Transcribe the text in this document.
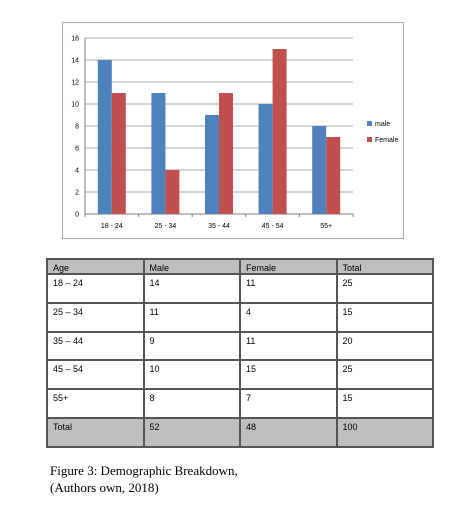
0
2
4
6
8
10
12
14
16
18 - 24	25 - 34	35 - 44	45 - 54	55+
male
Female
Age	Male	Female	Total
18 – 24	14	11	25
25 – 34	11	4	15
35 – 44	9	11	20
45 – 54	10	15	25
55+	8	7	15
Total	52	48	100
Figure 3: Demographic Breakdown,
(Authors own, 2018)
